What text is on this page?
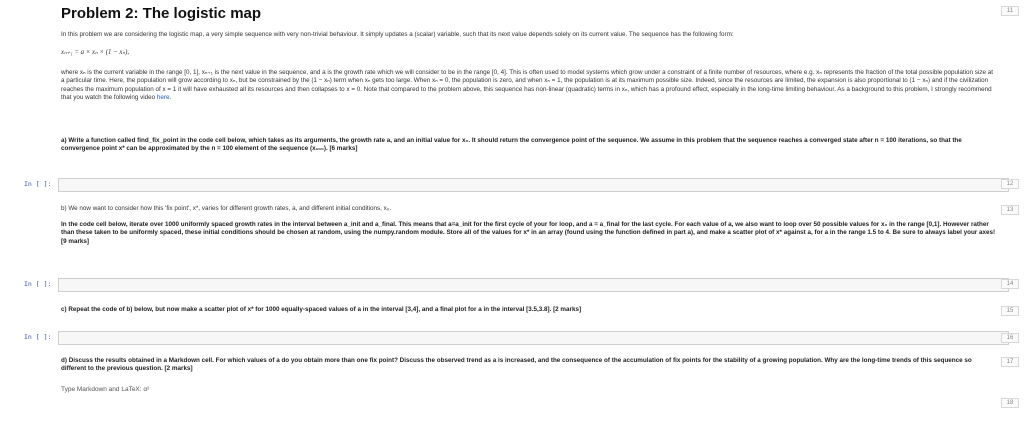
Problem 2: The logistic map	11
In this problem we are considering the logistic map, a very simple sequence with very non-trivial behaviour. It simply updates a (scalar) variable, such that its next value depends solely on its current value. The sequence has the following form:
xₙ₊₁ = a × xₙ × (1 − xₙ),
where xₙ is the current variable in the range [0, 1], xₙ₊₁ is the next value in the sequence, and a is the growth rate which we will consider to be in the range [0, 4]. This is often used to model systems which grow under a constraint of a finite number of resources, where e.g. xₙ represents the fraction of the total possible population size at a particular time. Here, the population will grow according to xₙ, but be constrained by the (1 − xₙ) term when xₙ gets too large. When xₙ = 0, the population is zero, and when xₙ = 1, the population is at its maximum possible size. Indeed, since the resources are limited, the expansion is also proportional to (1 − xₙ) and if the civilization reaches the maximum population of x = 1 it will have exhausted all its resources and then collapses to x = 0. Note that compared to the problem above, this sequence has non-linear (quadratic) terms in xₙ, which has a profound effect, especially in the long-time limiting behaviour. As a background to this problem, I strongly recommend that you watch the following video here.
a) Write a function called find_fix_point in the code cell below, which takes as its arguments, the growth rate a, and an initial value for x₀. It should return the convergence point of the sequence. We assume in this problem that the sequence reaches a converged state after n = 100 iterations, so that the convergence point x* can be approximated by the n = 100 element of the sequence (x₁₀₀). [6 marks]
In [ ]:	12
b) We now want to consider how this 'fix point', x*, varies for different growth rates, a, and different initial conditions, x₀.	13
In the code cell below, iterate over 1000 uniformly spaced growth rates in the interval between a_init and a_final. This means that a=a_init for the first cycle of your for loop, and a = a_final for the last cycle. For each value of a, we also want to loop over 50 possible values for x₀ in the range [0,1]. However rather than these taken to be uniformly spaced, these initial conditions should be chosen at random, using the numpy.random module. Store all of the values for x* in an array (found using the function defined in part a), and make a scatter plot of x* against a, for a in the range 1.5 to 4. Be sure to always label your axes! [9 marks]
In [ ]:	14
c) Repeat the code of b) below, but now make a scatter plot of x* for 1000 equally-spaced values of a in the interval [3,4], and a final plot for a in the interval [3.5,3.8]. [2 marks]	15
In [ ]:	16
d) Discuss the results obtained in a Markdown cell. For which values of a do you obtain more than one fix point? Discuss the observed trend as a is increased, and the consequence of the accumulation of fix points for the stability of a growing population. Why are the long-time trends of this sequence so different to the previous question. [2 marks]
17
Type Markdown and LaTeX: α²
18
